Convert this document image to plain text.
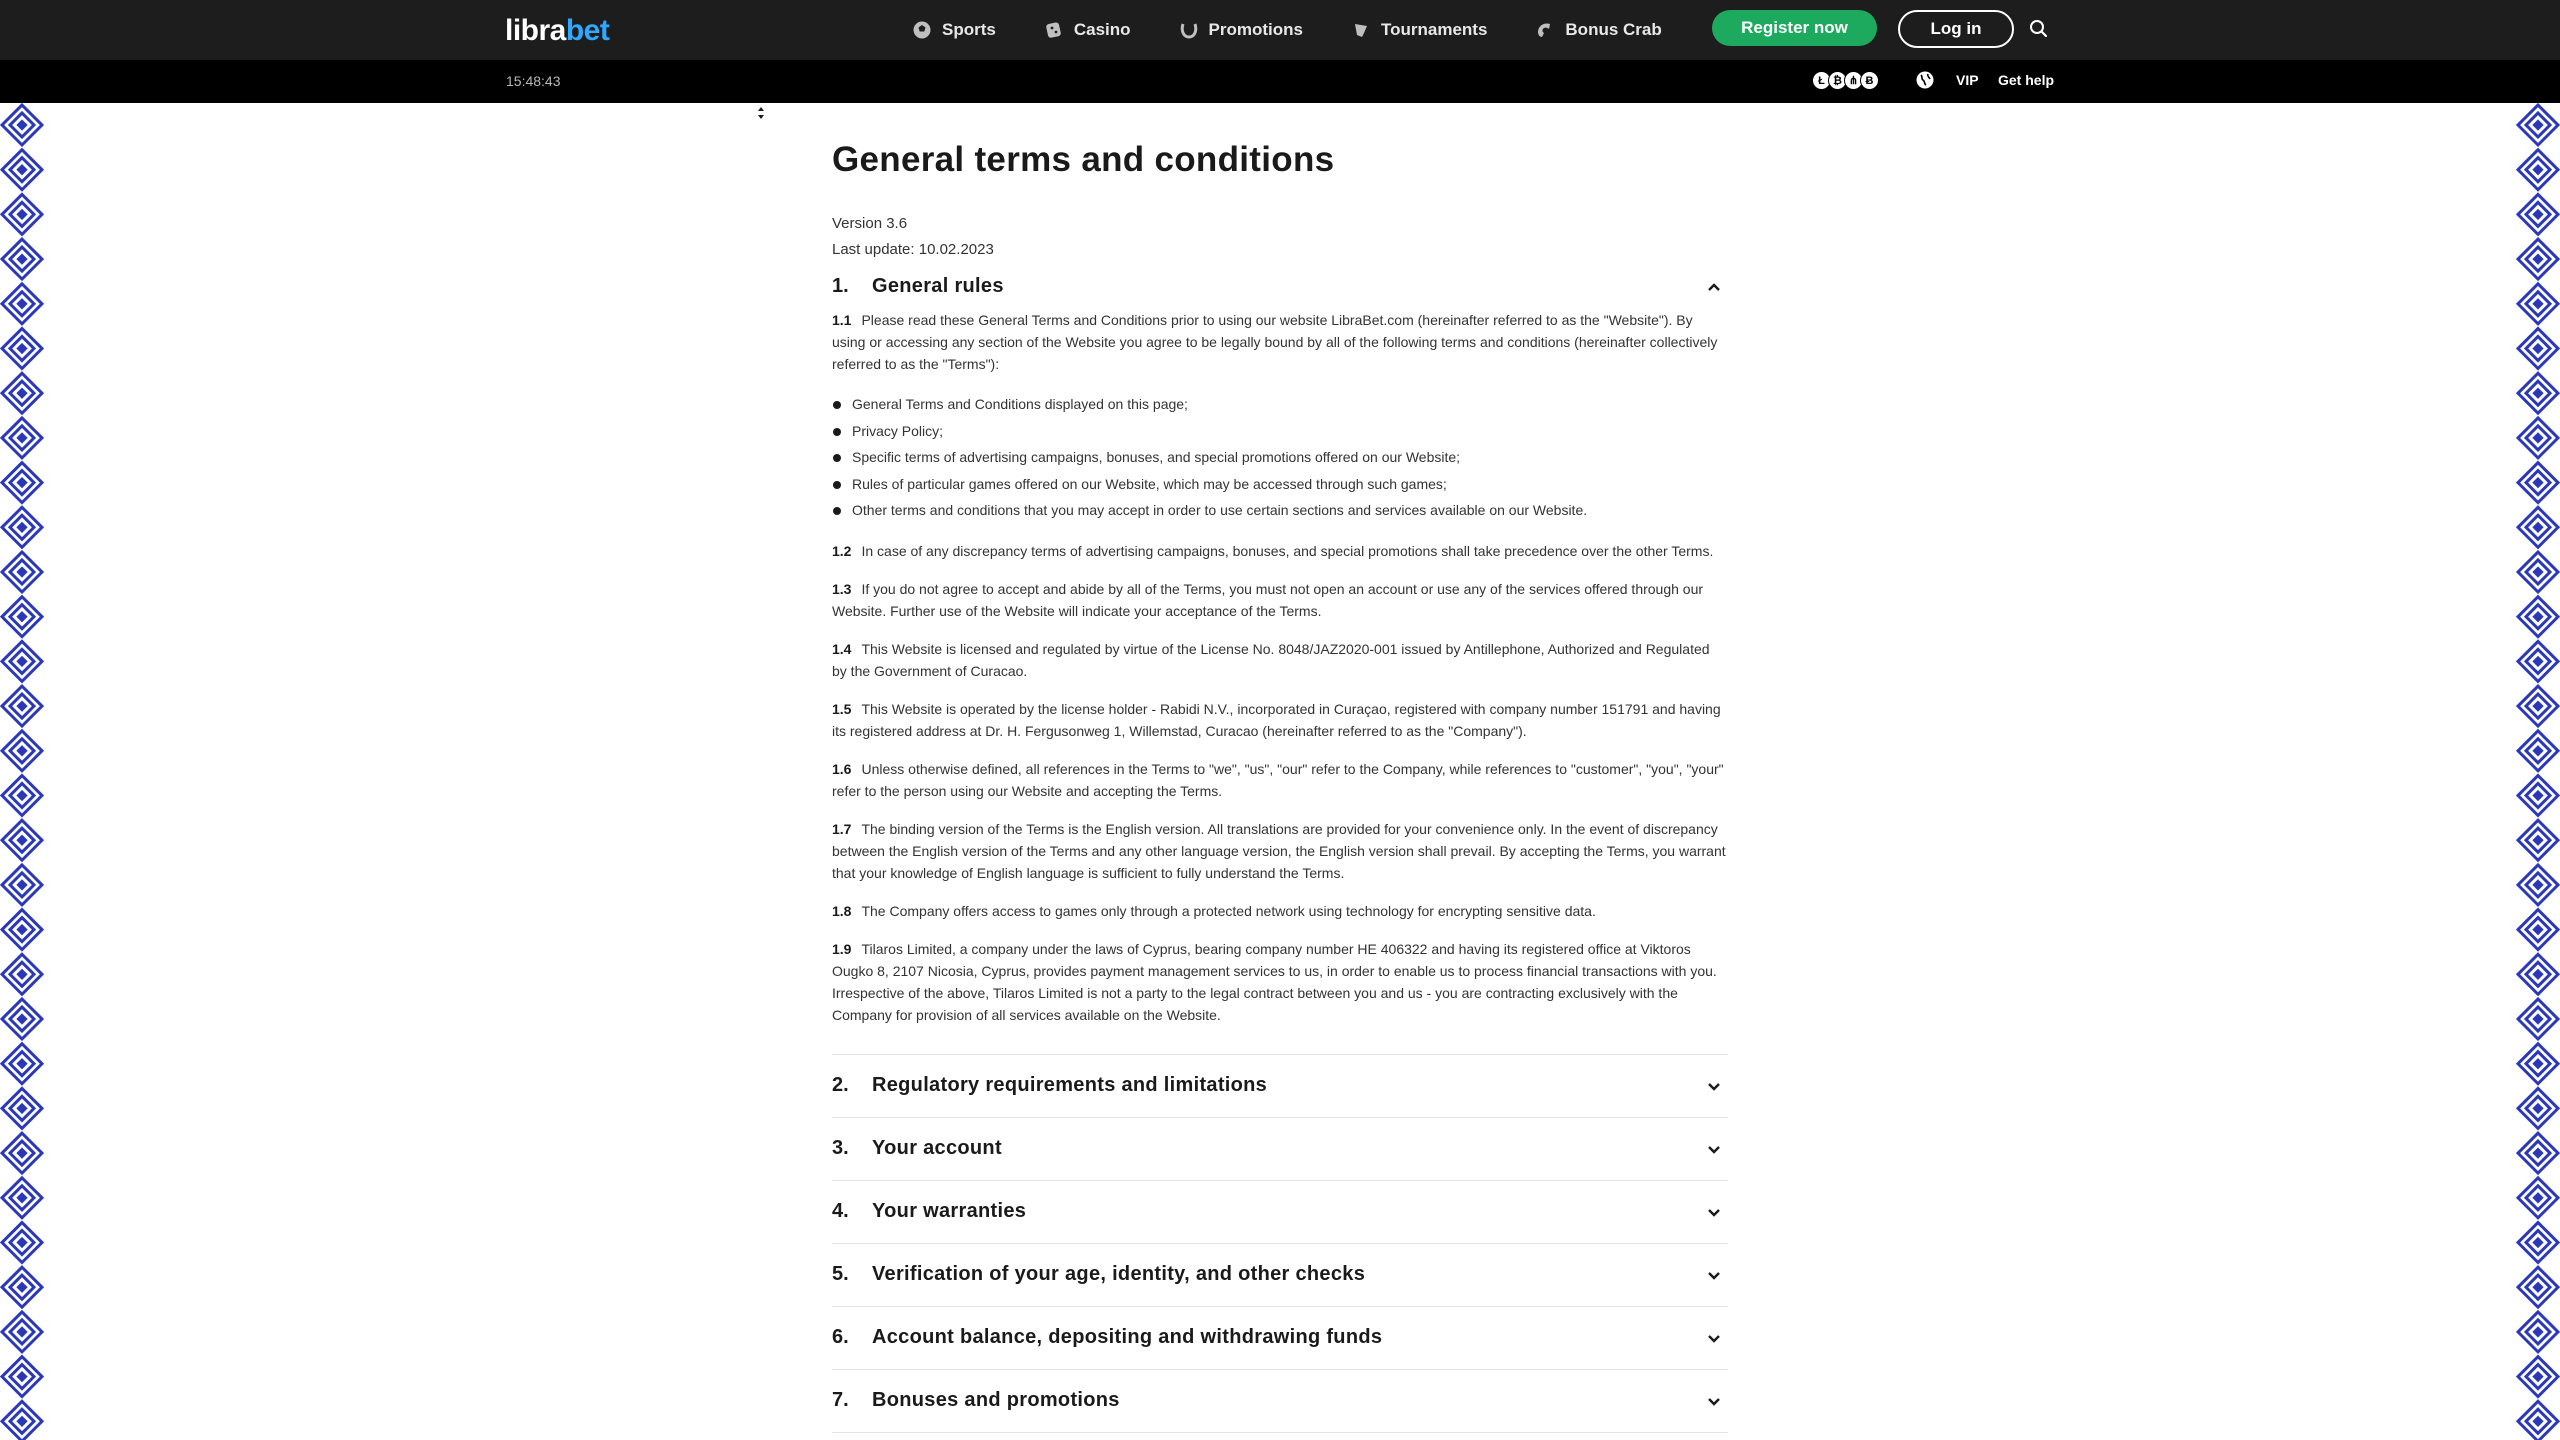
librabet	Sports	Casino	Promotions	Tournaments	Bonus Crab	Register now	Log in
15:48:43	Ł ₿ ⋔ Ƀ	VIP Get help
General terms and conditions
Version 3.6
Last update: 10.02.2023
1.	General rules

1.1 Please read these General Terms and Conditions prior to using our website LibraBet.com (hereinafter referred to as the "Website"). By using or accessing any section of the Website you agree to be legally bound by all of the following terms and conditions (hereinafter collectively referred to as the "Terms"):

General Terms and Conditions displayed on this page;
Privacy Policy;
Specific terms of advertising campaigns, bonuses, and special promotions offered on our Website;
Rules of particular games offered on our Website, which may be accessed through such games;
Other terms and conditions that you may accept in order to use certain sections and services available on our Website.

1.2 In case of any discrepancy terms of advertising campaigns, bonuses, and special promotions shall take precedence over the other Terms.

1.3 If you do not agree to accept and abide by all of the Terms, you must not open an account or use any of the services offered through our Website. Further use of the Website will indicate your acceptance of the Terms.

1.4 This Website is licensed and regulated by virtue of the License No. 8048/JAZ2020-001 issued by Antillephone, Authorized and Regulated by the Government of Curacao.

1.5 This Website is operated by the license holder - Rabidi N.V., incorporated in Curaçao, registered with company number 151791 and having its registered address at Dr. H. Fergusonweg 1, Willemstad, Curacao (hereinafter referred to as the "Company").

1.6 Unless otherwise defined, all references in the Terms to "we", "us", "our" refer to the Company, while references to "customer", "you", "your" refer to the person using our Website and accepting the Terms.

1.7 The binding version of the Terms is the English version. All translations are provided for your convenience only. In the event of discrepancy between the English version of the Terms and any other language version, the English version shall prevail. By accepting the Terms, you warrant that your knowledge of English language is sufficient to fully understand the Terms.

1.8 The Company offers access to games only through a protected network using technology for encrypting sensitive data.

1.9 Tilaros Limited, a company under the laws of Cyprus, bearing company number HE 406322 and having its registered office at Viktoros Ougko 8, 2107 Nicosia, Cyprus, provides payment management services to us, in order to enable us to process financial transactions with you. Irrespective of the above, Tilaros Limited is not a party to the legal contract between you and us - you are contracting exclusively with the Company for provision of all services available on the Website.

2.	Regulatory requirements and limitations
3.	Your account
4.	Your warranties
5.	Verification of your age, identity, and other checks
6.	Account balance, depositing and withdrawing funds
7.	Bonuses and promotions
